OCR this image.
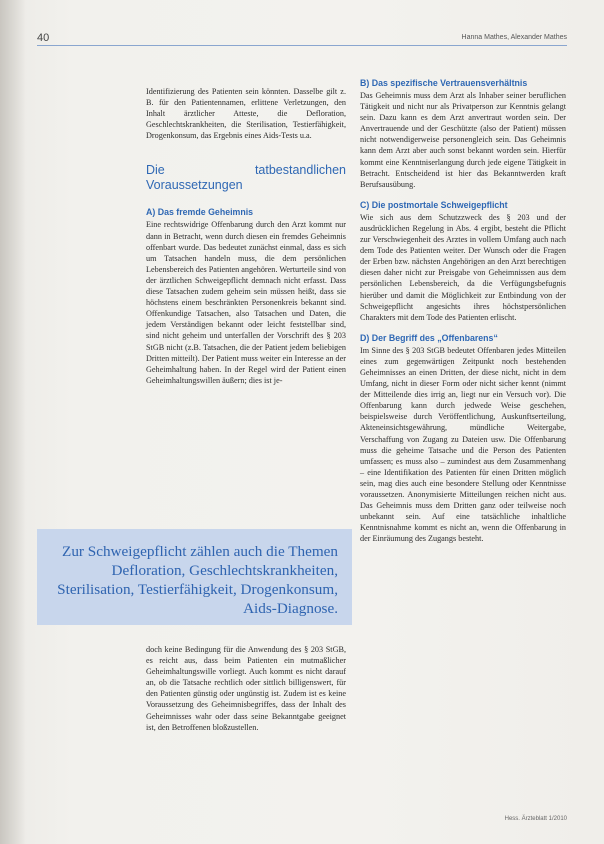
40	Hanna Mathes, Alexander Mathes

Identifizierung des Patienten sein könnten. Dasselbe gilt z. B. für den Patientennamen, erlittene Verletzungen, den Inhalt ärztlicher Atteste, die Defloration, Geschlechtskrankheiten, die Sterilisation, Testierfähigkeit, Drogenkonsum, das Ergebnis eines Aids-Tests u.a.

Die tatbestandlichen Voraussetzungen
A) Das fremde Geheimnis

Eine rechtswidrige Offenbarung durch den Arzt kommt nur dann in Betracht, wenn durch diesen ein fremdes Geheimnis offenbart wurde. Das bedeutet zunächst einmal, dass es sich um Tatsachen handeln muss, die dem persönlichen Lebensbereich des Patienten angehören. Werturteile sind von der ärztlichen Schweigepflicht demnach nicht erfasst. Dass diese Tatsachen zudem geheim sein müssen heißt, dass sie höchstens einem beschränkten Personenkreis bekannt sind. Offenkundige Tatsachen, also Tatsachen und Daten, die jedem Verständigen bekannt oder leicht feststellbar sind, sind nicht geheim und unterfallen der Vorschrift des § 203 StGB nicht (z.B. Tatsachen, die der Patient jedem beliebigen Dritten mitteilt). Der Patient muss weiter ein Interesse an der Geheimhaltung haben. In der Regel wird der Patient einen Geheimhaltungswillen äußern; dies ist je-

Zur Schweigepflicht zählen auch die Themen Defloration, Geschlechtskrankheiten, Sterilisation, Testierfähigkeit, Drogenkonsum, Aids-Diagnose.

doch keine Bedingung für die Anwendung des § 203 StGB, es reicht aus, dass beim Patienten ein mutmaßlicher Geheimhaltungswille vorliegt. Auch kommt es nicht darauf an, ob die Tatsache rechtlich oder sittlich billigenswert, für den Patienten günstig oder ungünstig ist. Zudem ist es keine Voraussetzung des Geheimnisbegriffes, dass der Inhalt des Geheimnisses wahr oder dass seine Bekanntgabe geeignet ist, den Betroffenen bloßzustellen.

B) Das spezifische Vertrauensverhältnis

Das Geheimnis muss dem Arzt als Inhaber seiner beruflichen Tätigkeit und nicht nur als Privatperson zur Kenntnis gelangt sein. Dazu kann es dem Arzt anvertraut worden sein. Der Anvertrauende und der Geschützte (also der Patient) müssen nicht notwendigerweise personengleich sein. Das Geheimnis kann dem Arzt aber auch sonst bekannt worden sein. Hierfür kommt eine Kenntniserlangung durch jede eigene Tätigkeit in Betracht. Entscheidend ist hier das Bekanntwerden kraft Berufsausübung.

C) Die postmortale Schweigepflicht

Wie sich aus dem Schutzzweck des § 203 und der ausdrücklichen Regelung in Abs. 4 ergibt, besteht die Pflicht zur Verschwiegenheit des Arztes in vollem Umfang auch nach dem Tode des Patienten weiter. Der Wunsch oder die Fragen der Erben bzw. nächsten Angehörigen an den Arzt berechtigen diesen daher nicht zur Preisgabe von Geheimnissen aus dem persönlichen Lebensbereich, da die Verfügungsbefugnis hierüber und damit die Möglichkeit zur Entbindung von der Schweigepflicht angesichts ihres höchstpersönlichen Charakters mit dem Tode des Patienten erlischt.

D) Der Begriff des „Offenbarens“

Im Sinne des § 203 StGB bedeutet Offenbaren jedes Mitteilen eines zum gegenwärtigen Zeitpunkt noch bestehenden Geheimnisses an einen Dritten, der diese nicht, nicht in dem Umfang, nicht in dieser Form oder nicht sicher kennt (nimmt der Mitteilende dies irrig an, liegt nur ein Versuch vor). Die Offenbarung kann durch jedwede Weise geschehen, beispielsweise durch Veröffentlichung, Auskunftserteilung, Akteneinsichtsgewährung, mündliche Weitergabe, Verschaffung von Zugang zu Dateien usw. Die Offenbarung muss die geheime Tatsache und die Person des Patienten umfassen; es muss also – zumindest aus dem Zusammenhang – eine Identifikation des Patienten für einen Dritten möglich sein, mag dies auch eine besondere Stellung oder Kenntnisse voraussetzen. Anonymisierte Mitteilungen reichen nicht aus. Das Geheimnis muss dem Dritten ganz oder teilweise noch unbekannt sein. Auf eine tatsächliche inhaltliche Kenntnisnahme kommt es nicht an, wenn die Offenbarung in der Einräumung des Zugangs besteht.

Hess. Ärzteblatt 1/2010
